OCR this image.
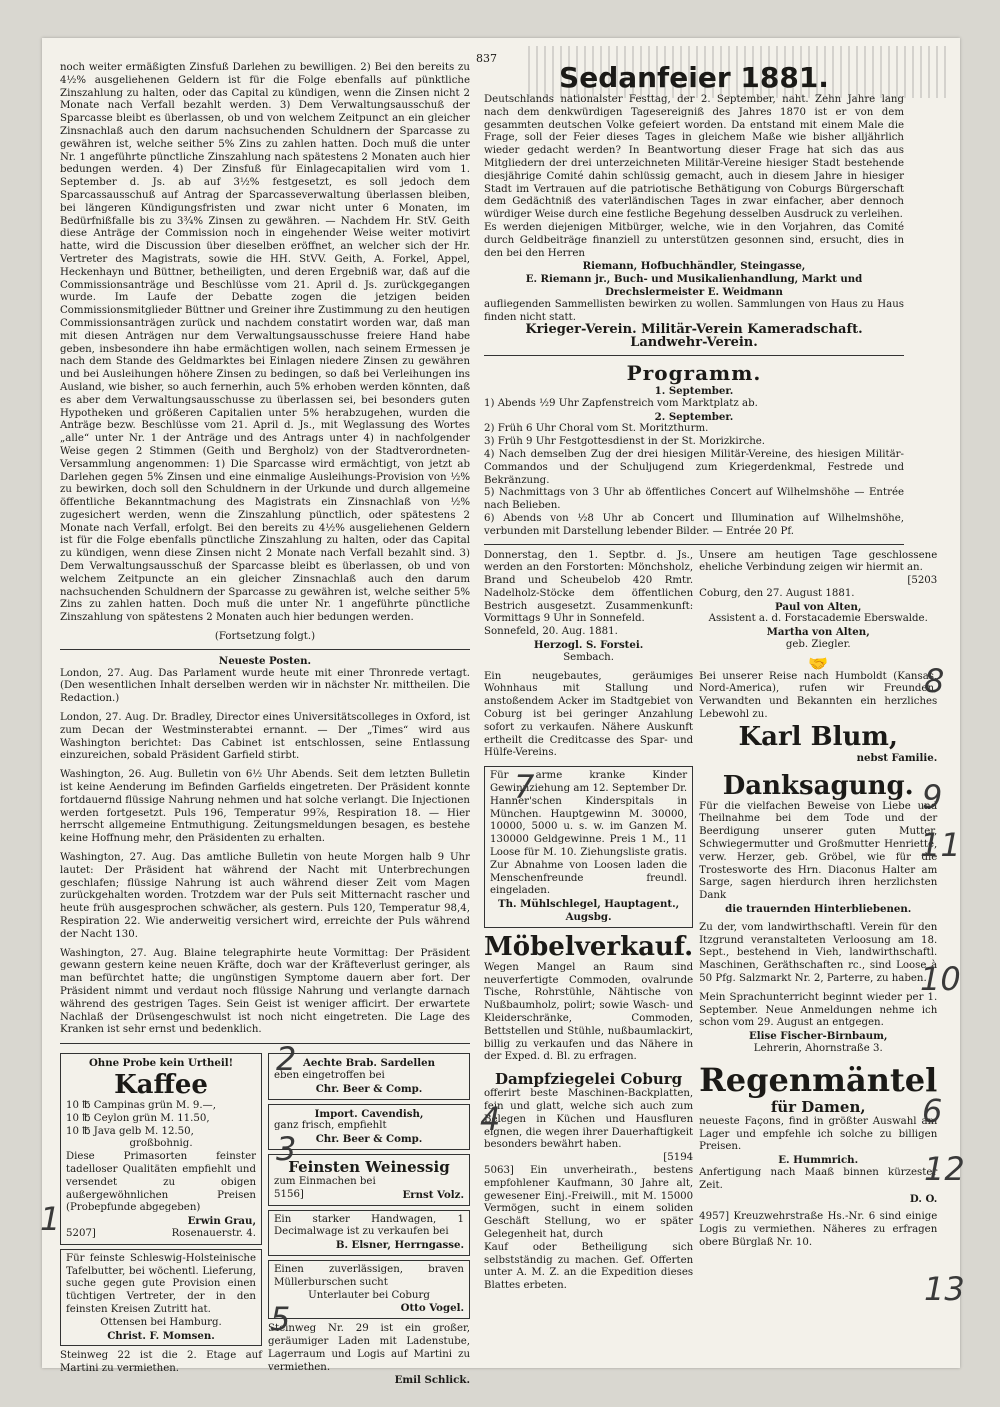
837
noch weiter ermäßigten Zinsfuß Darlehen zu bewilligen. 2) Bei den bereits zu 4½% ausgeliehenen Geldern ist für die Folge ebenfalls auf pünktliche Zinszahlung zu halten, oder das Capital zu kündigen, wenn die Zinsen nicht 2 Monate nach Verfall bezahlt werden. 3) Dem Verwaltungsausschuß der Sparcasse bleibt es überlassen, ob und von welchem Zeitpunct an ein gleicher Zinsnachlaß auch den darum nachsuchenden Schuldnern der Sparcasse zu gewähren ist, welche seither 5% Zins zu zahlen hatten. Doch muß die unter Nr. 1 angeführte pünctliche Zinszahlung nach spätestens 2 Monaten auch hier bedungen werden. 4) Der Zinsfuß für Einlagecapitalien wird vom 1. September d. Js. ab auf 3½% festgesetzt, es soll jedoch dem Sparcassausschuß auf Antrag der Sparcasseverwaltung überlassen bleiben, bei längeren Kündigungsfristen und zwar nicht unter 6 Monaten, im Bedürfnißfalle bis zu 3¾% Zinsen zu gewähren. — Nachdem Hr. StV. Geith diese Anträge der Commission noch in eingehender Weise weiter motivirt hatte, wird die Discussion über dieselben eröffnet, an welcher sich der Hr. Vertreter des Magistrats, sowie die HH. StVV. Geith, A. Forkel, Appel, Heckenhayn und Büttner, betheiligten, und deren Ergebniß war, daß auf die Commissionsanträge und Beschlüsse vom 21. April d. Js. zurückgegangen wurde. Im Laufe der Debatte zogen die jetzigen beiden Commissionsmitglieder Büttner und Greiner ihre Zustimmung zu den heutigen Commissionsanträgen zurück und nachdem constatirt worden war, daß man mit diesen Anträgen nur dem Verwaltungsausschusse freiere Hand habe geben, insbesondere ihn habe ermächtigen wollen, nach seinem Ermessen je nach dem Stande des Geldmarktes bei Einlagen niedere Zinsen zu gewähren und bei Ausleihungen höhere Zinsen zu bedingen, so daß bei Verleihungen ins Ausland, wie bisher, so auch fernerhin, auch 5% erhoben werden könnten, daß es aber dem Verwaltungsausschusse zu überlassen sei, bei besonders guten Hypotheken und größeren Capitalien unter 5% herabzugehen, wurden die Anträge bezw. Beschlüsse vom 21. April d. Js., mit Weglassung des Wortes „alle“ unter Nr. 1 der Anträge und des Antrags unter 4) in nachfolgender Weise gegen 2 Stimmen (Geith und Bergholz) von der Stadtverordneten-Versammlung angenommen: 1) Die Sparcasse wird ermächtigt, von jetzt ab Darlehen gegen 5% Zinsen und eine einmalige Ausleihungs-Provision von ½% zu bewirken, doch soll den Schuldnern in der Urkunde und durch allgemeine öffentliche Bekanntmachung des Magistrats ein Zinsnachlaß von ½% zugesichert werden, wenn die Zinszahlung pünctlich, oder spätestens 2 Monate nach Verfall, erfolgt. Bei den bereits zu 4½% ausgeliehenen Geldern ist für die Folge ebenfalls pünctliche Zinszahlung zu halten, oder das Capital zu kündigen, wenn diese Zinsen nicht 2 Monate nach Verfall bezahlt sind. 3) Dem Verwaltungsausschuß der Sparcasse bleibt es überlassen, ob und von welchem Zeitpuncte an ein gleicher Zinsnachlaß auch den darum nachsuchenden Schuldnern der Sparcasse zu gewähren ist, welche seither 5% Zins zu zahlen hatten. Doch muß die unter Nr. 1 angeführte pünctliche Zinszahlung von spätestens 2 Monaten auch hier bedungen werden.
(Fortsetzung folgt.)
Neueste Posten.
London, 27. Aug. Das Parlament wurde heute mit einer Thronrede vertagt. (Den wesentlichen Inhalt derselben werden wir in nächster Nr. mittheilen. Die Redaction.)
London, 27. Aug. Dr. Bradley, Director eines Universitätscolleges in Oxford, ist zum Decan der Westminsterabtei ernannt. — Der „Times“ wird aus Washington berichtet: Das Cabinet ist entschlossen, seine Entlassung einzureichen, sobald Präsident Garfield stirbt.
Washington, 26. Aug. Bulletin von 6½ Uhr Abends. Seit dem letzten Bulletin ist keine Aenderung im Befinden Garfields eingetreten. Der Präsident konnte fortdauernd flüssige Nahrung nehmen und hat solche verlangt. Die Injectionen werden fortgesetzt. Puls 196, Temperatur 99⅞, Respiration 18. — Hier herrscht allgemeine Entmuthigung. Zeitungsmeldungen besagen, es bestehe keine Hoffnung mehr, den Präsidenten zu erhalten.
Washington, 27. Aug. Das amtliche Bulletin von heute Morgen halb 9 Uhr lautet: Der Präsident hat während der Nacht mit Unterbrechungen geschlafen; flüssige Nahrung ist auch während dieser Zeit vom Magen zurückgehalten worden. Trotzdem war der Puls seit Mitternacht rascher und heute früh ausgesprochen schwächer, als gestern. Puls 120, Temperatur 98,4, Respiration 22. Wie anderweitig versichert wird, erreichte der Puls während der Nacht 130.
Washington, 27. Aug. Blaine telegraphirte heute Vormittag: Der Präsident gewann gestern keine neuen Kräfte, doch war der Kräfteverlust geringer, als man befürchtet hatte; die ungünstigen Symptome dauern aber fort. Der Präsident nimmt und verdaut noch flüssige Nahrung und verlangte darnach während des gestrigen Tages. Sein Geist ist weniger afficirt. Der erwartete Nachlaß der Drüsengeschwulst ist noch nicht eingetreten. Die Lage des Kranken ist sehr ernst und bedenklich.
Ohne Probe kein Urtheil!
Kaffee
10 ℔ Campinas grün M. 9.—,
10 ℔ Ceylon grün M. 11.50,
10 ℔ Java gelb M. 12.50,
großbohnig.
Diese Primasorten feinster tadelloser Qualitäten empfiehlt und versendet zu obigen außergewöhnlichen Preisen (Probepfunde abgegeben)
Erwin Grau,
5207]	Rosenauerstr. 4.
Für feinste Schleswig-Holsteinische Tafelbutter, bei wöchentl. Lieferung, suche gegen gute Provision einen tüchtigen Vertreter, der in den feinsten Kreisen Zutritt hat.
Ottensen bei Hamburg.
Christ. F. Momsen.
Steinweg 22 ist die 2. Etage auf Martini zu vermiethen.
Aechte Brab. Sardellen
eben eingetroffen bei
Chr. Beer & Comp.
Import. Cavendish,
ganz frisch, empfiehlt
Chr. Beer & Comp.
Feinsten Weinessig
zum Einmachen bei
5156]	Ernst Volz.
Ein starker Handwagen, 1 Decimalwage ist zu verkaufen bei
B. Elsner, Herrngasse.
Einen zuverlässigen, braven Müllerburschen sucht
Unterlauter bei Coburg
Otto Vogel.
Steinweg Nr. 29 ist ein großer, geräumiger Laden mit Ladenstube, Lagerraum und Logis auf Martini zu vermiethen.
Emil Schlick.
Sedanfeier 1881.
Deutschlands nationalster Festtag, der 2. September, naht. Zehn Jahre lang nach dem denkwürdigen Tagesereigniß des Jahres 1870 ist er von dem gesammten deutschen Volke gefeiert worden. Da entstand mit einem Male die Frage, soll der Feier dieses Tages in gleichem Maße wie bisher alljährlich wieder gedacht werden? In Beantwortung dieser Frage hat sich das aus Mitgliedern der drei unterzeichneten Militär-Vereine hiesiger Stadt bestehende diesjährige Comité dahin schlüssig gemacht, auch in diesem Jahre in hiesiger Stadt im Vertrauen auf die patriotische Bethätigung von Coburgs Bürgerschaft dem Gedächtniß des vaterländischen Tages in zwar einfacher, aber dennoch würdiger Weise durch eine festliche Begehung desselben Ausdruck zu verleihen.
Es werden diejenigen Mitbürger, welche, wie in den Vorjahren, das Comité durch Geldbeiträge finanziell zu unterstützen gesonnen sind, ersucht, dies in den bei den Herren
Riemann, Hofbuchhändler, Steingasse,
E. Riemann jr., Buch- und Musikalienhandlung, Markt und
Drechslermeister E. Weidmann
aufliegenden Sammellisten bewirken zu wollen. Sammlungen von Haus zu Haus finden nicht statt.
Krieger-Verein. Militär-Verein Kameradschaft.
Landwehr-Verein.
Programm.
1. September.
1) Abends ½9 Uhr Zapfenstreich vom Marktplatz ab.
2. September.
2) Früh 6 Uhr Choral vom St. Moritzthurm.
3) Früh 9 Uhr Festgottesdienst in der St. Morizkirche.
4) Nach demselben Zug der drei hiesigen Militär-Vereine, des hiesigen Militär-Commandos und der Schuljugend zum Kriegerdenkmal, Festrede und Bekränzung.
5) Nachmittags von 3 Uhr ab öffentliches Concert auf Wilhelmshöhe — Entrée nach Belieben.
6) Abends von ½8 Uhr ab Concert und Illumination auf Wilhelmshöhe, verbunden mit Darstellung lebender Bilder. — Entrée 20 Pf.
Donnerstag, den 1. Septbr. d. Js., werden an den Forstorten: Mönchsholz, Brand und Scheubelob 420 Rmtr. Nadelholz-Stöcke dem öffentlichen Bestrich ausgesetzt. Zusammenkunft: Vormittags 9 Uhr in Sonnefeld.
Sonnefeld, 20. Aug. 1881.
Herzogl. S. Forstei.
Sembach.
Ein neugebautes, geräumiges Wohnhaus mit Stallung und anstoßendem Acker im Stadtgebiet von Coburg ist bei geringer Anzahlung sofort zu verkaufen. Nähere Auskunft ertheilt die Creditcasse des Spar- und Hülfe-Vereins.
Für arme kranke Kinder Gewinnziehung am 12. September Dr. Hanner'schen Kinderspitals in München. Hauptgewinn M. 30000, 10000, 5000 u. s. w. im Ganzen M. 130000 Geldgewinne. Preis 1 M., 11 Loose für M. 10. Ziehungsliste gratis. Zur Abnahme von Loosen laden die Menschenfreunde freundl. eingeladen.
Th. Mühlschlegel, Hauptagent., Augsbg.
Möbelverkauf.
Wegen Mangel an Raum sind neuverfertigte Commoden, ovalrunde Tische, Rohrstühle, Nähtische von Nußbaumholz, polirt; sowie Wasch- und Kleiderschränke, Commoden, Bettstellen und Stühle, nußbaumlackirt, billig zu verkaufen und das Nähere in der Exped. d. Bl. zu erfragen.
Dampfziegelei Coburg
offerirt beste Maschinen-Backplatten, fein und glatt, welche sich auch zum Belegen in Küchen und Hausfluren eignen, die wegen ihrer Dauerhaftigkeit besonders bewährt haben.
[5194
5063] Ein unverheirath., bestens empfohlener Kaufmann, 30 Jahre alt, gewesener Einj.-Freiwill., mit M. 15000 Vermögen, sucht in einem soliden Geschäft Stellung, wo er später Gelegenheit hat, durch
Kauf oder Betheiligung sich selbstständig zu machen. Gef. Offerten unter A. M. Z. an die Expedition dieses Blattes erbeten.
Unsere am heutigen Tage geschlossene eheliche Verbindung zeigen wir hiermit an.
[5203
Coburg, den 27. August 1881.
Paul von Alten,
Assistent a. d. Forstacademie Eberswalde.
Martha von Alten,
geb. Ziegler.
🤝
Bei unserer Reise nach Humboldt (Kansas, Nord-America), rufen wir Freunden, Verwandten und Bekannten ein herzliches Lebewohl zu.
Karl Blum,
nebst Familie.
Danksagung.
Für die vielfachen Beweise von Liebe und Theilnahme bei dem Tode und der Beerdigung unserer guten Mutter, Schwiegermutter und Großmutter Henriette, verw. Herzer, geb. Gröbel, wie für die Trostesworte des Hrn. Diaconus Halter am Sarge, sagen hierdurch ihren herzlichsten Dank
die trauernden Hinterbliebenen.
Zu der, vom landwirthschaftl. Verein für den Itzgrund veranstalteten Verloosung am 18. Sept., bestehend in Vieh, landwirthschaftl. Maschinen, Geräthschaften rc., sind Loose à 50 Pfg. Salzmarkt Nr. 2, Parterre, zu haben.
Mein Sprachunterricht beginnt wieder per 1. September. Neue Anmeldungen nehme ich schon vom 29. August an entgegen.
Elise Fischer-Birnbaum,
Lehrerin, Ahornstraße 3.
Regenmäntel
für Damen,
neueste Façons, find in größter Auswahl am Lager und empfehle ich solche zu billigen Preisen.
E. Hummrich.
Anfertigung nach Maaß binnen kürzester Zeit.
D. O.
4957] Kreuzwehrstraße Hs.-Nr. 6 sind einige Logis zu vermiethen. Näheres zu erfragen obere Bürglaß Nr. 10.
8
9
10
11
6
12
13
7
3
2
4
5
1
